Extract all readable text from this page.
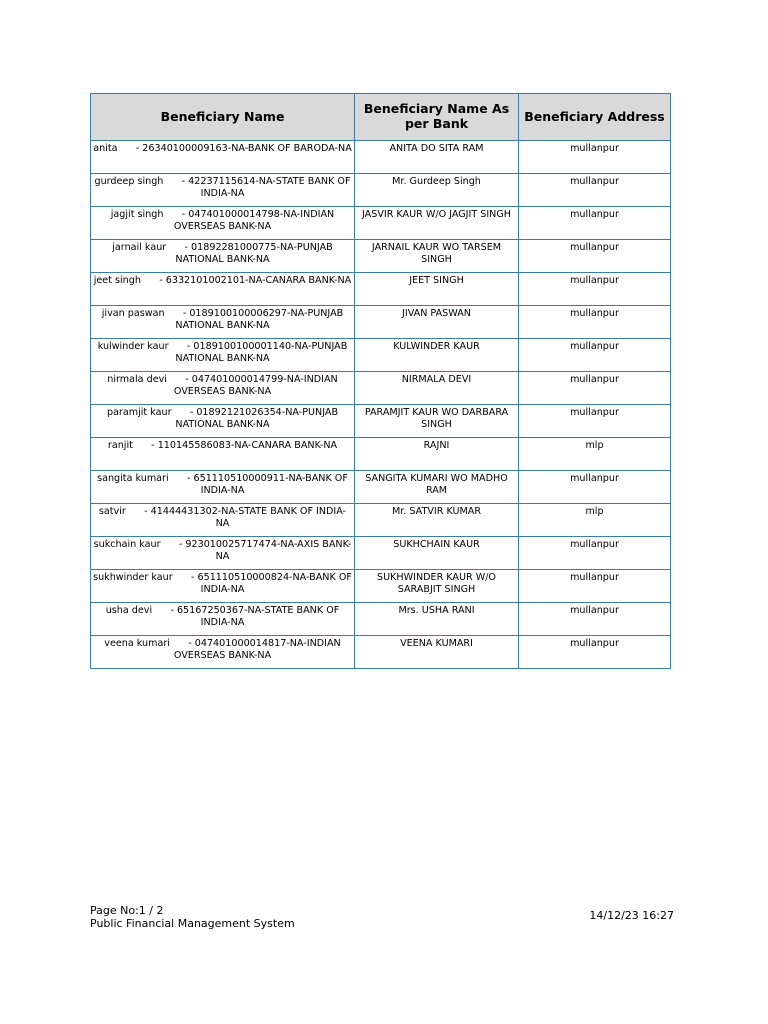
Beneficiary Name	Beneficiary Name As per Bank	Beneficiary Address
anita      - 26340100009163-NA-BANK OF BARODA-NA	ANITA DO SITA RAM	mullanpur
gurdeep singh      - 42237115614-NA-STATE BANK OF INDIA-NA	Mr. Gurdeep Singh	mullanpur
jagjit singh      - 047401000014798-NA-INDIAN OVERSEAS BANK-NA	JASVIR KAUR W/O JAGJIT SINGH	mullanpur
jarnail kaur      - 01892281000775-NA-PUNJAB NATIONAL BANK-NA	JARNAIL KAUR WO TARSEM SINGH	mullanpur
jeet singh      - 6332101002101-NA-CANARA BANK-NA	JEET SINGH	mullanpur
jivan paswan      - 0189100100006297-NA-PUNJAB NATIONAL BANK-NA	JIVAN PASWAN	mullanpur
kulwinder kaur      - 0189100100001140-NA-PUNJAB NATIONAL BANK-NA	KULWINDER KAUR	mullanpur
nirmala devi      - 047401000014799-NA-INDIAN OVERSEAS BANK-NA	NIRMALA DEVI	mullanpur
paramjit kaur      - 01892121026354-NA-PUNJAB NATIONAL BANK-NA	PARAMJIT KAUR WO DARBARA SINGH	mullanpur
ranjit      - 110145586083-NA-CANARA BANK-NA	RAJNI	mlp
sangita kumari      - 651110510000911-NA-BANK OF INDIA-NA	SANGITA KUMARI WO MADHO RAM	mullanpur
satvir      - 41444431302-NA-STATE BANK OF INDIA-NA	Mr. SATVIR KUMAR	mlp
sukchain kaur      - 923010025717474-NA-AXIS BANK-NA	SUKHCHAIN KAUR	mullanpur
sukhwinder kaur      - 651110510000824-NA-BANK OF INDIA-NA	SUKHWINDER KAUR W/O SARABJIT SINGH	mullanpur
usha devi      - 65167250367-NA-STATE BANK OF INDIA-NA	Mrs. USHA RANI	mullanpur
veena kumari      - 047401000014817-NA-INDIAN OVERSEAS BANK-NA	VEENA KUMARI	mullanpur
Page No:1 / 2
Public Financial Management System
14/12/23 16:27
